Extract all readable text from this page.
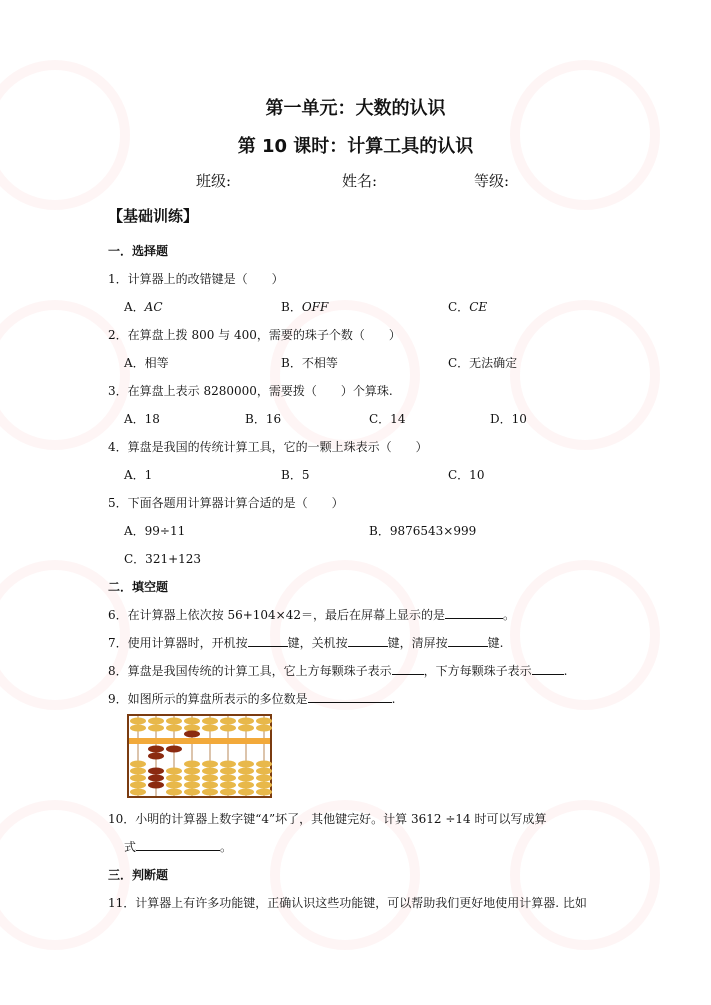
第一单元：大数的认识
第 10 课时：计算工具的认识
班级:	姓名:	等级:
【基础训练】
一．选择题
1．计算器上的改错键是（　　）
A．AC	B．OFF	C．CE
2．在算盘上拨 800 与 400，需要的珠子个数（　　）
A．相等	B．不相等	C．无法确定
3．在算盘上表示 8280000，需要拨（　　）个算珠.
A．18	B．16	C．14	D．10
4．算盘是我国的传统计算工具，它的一颗上珠表示（　　）
A．1	B．5	C．10
5．下面各题用计算器计算合适的是（　　）
A．99÷11	B．9876543×999
C．321+123
二．填空题
6．在计算器上依次按 56+104×42＝，最后在屏幕上显示的是	。
7．使用计算器时，开机按	键，关机按	键，清屏按	键.
8．算盘是我国传统的计算工具，它上方每颗珠子表示	，下方每颗珠子表示	.
9．如图所示的算盘所表示的多位数是	.
10．小明的计算器上数字键“4”坏了，其他键完好。计算 3612 ÷14 时可以写成算
式	。
三．判断题
11．计算器上有许多功能键，正确认识这些功能键，可以帮助我们更好地使用计算器. 比如
